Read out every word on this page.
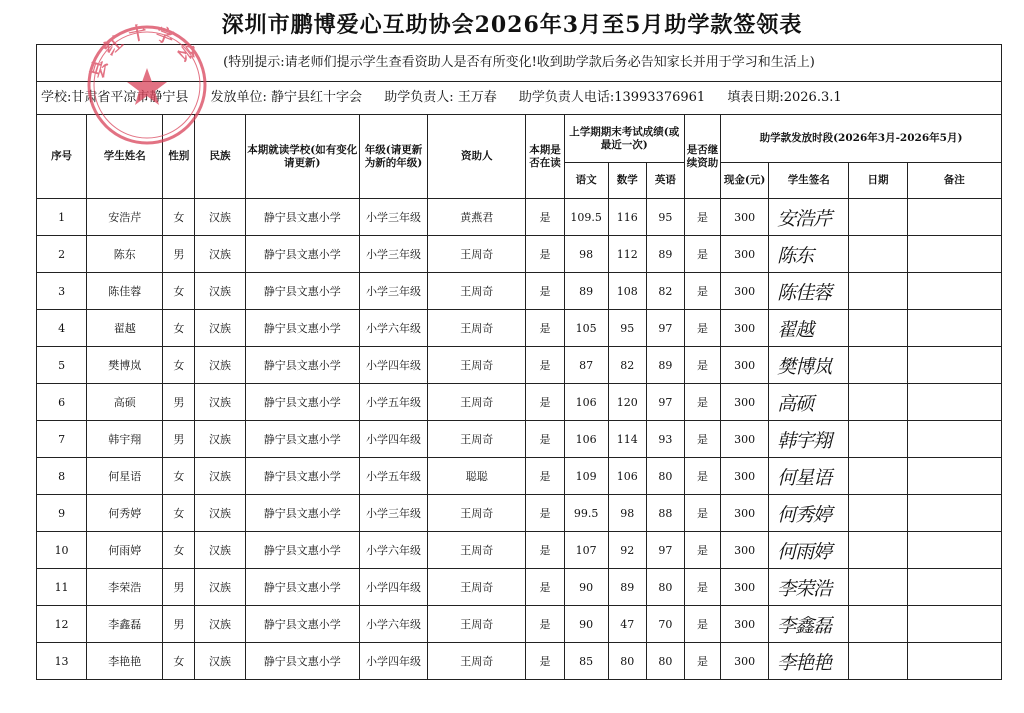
深圳市鹏博爱心互助协会2026年3月至5月助学款签领表
(特别提示:请老师们提示学生查看资助人是否有所变化!收到助学款后务必告知家长并用于学习和生活上)
学校:甘肃省平凉市静宁县 发放单位: 静宁县红十字会 助学负责人: 王万春 助学负责人电话:13993376961 填表日期:2026.3.1
序号	学生姓名	性别	民族	本期就读学校(如有变化请更新)	年级(请更新为新的年级)	资助人	本期是否在读	上学期期末考试成绩(或最近一次)			是否继续资助	助学款发放时段(2026年3月-2026年5月)			
								语文	数学	英语		现金(元)	学生签名	日期	备注
1	安浩芹	女	汉族	静宁县文惠小学	小学三年级	黄燕君	是	109.5	116	95	是	300	安浩芹		
2	陈东	男	汉族	静宁县文惠小学	小学三年级	王周奇	是	98	112	89	是	300	陈东		
3	陈佳蓉	女	汉族	静宁县文惠小学	小学三年级	王周奇	是	89	108	82	是	300	陈佳蓉		
4	翟越	女	汉族	静宁县文惠小学	小学六年级	王周奇	是	105	95	97	是	300	翟越		
5	樊博岚	女	汉族	静宁县文惠小学	小学四年级	王周奇	是	87	82	89	是	300	樊博岚		
6	高硕	男	汉族	静宁县文惠小学	小学五年级	王周奇	是	106	120	97	是	300	高硕		
7	韩宇翔	男	汉族	静宁县文惠小学	小学四年级	王周奇	是	106	114	93	是	300	韩宇翔		
8	何星语	女	汉族	静宁县文惠小学	小学五年级	聪聪	是	109	106	80	是	300	何星语		
9	何秀婷	女	汉族	静宁县文惠小学	小学三年级	王周奇	是	99.5	98	88	是	300	何秀婷		
10	何雨婷	女	汉族	静宁县文惠小学	小学六年级	王周奇	是	107	92	97	是	300	何雨婷		
11	李荣浩	男	汉族	静宁县文惠小学	小学四年级	王周奇	是	90	89	80	是	300	李荣浩		
12	李鑫磊	男	汉族	静宁县文惠小学	小学六年级	王周奇	是	90	47	70	是	300	李鑫磊		
13	李艳艳	女	汉族	静宁县文惠小学	小学四年级	王周奇	是	85	80	80	是	300	李艳艳		
县 红 十 字 会
